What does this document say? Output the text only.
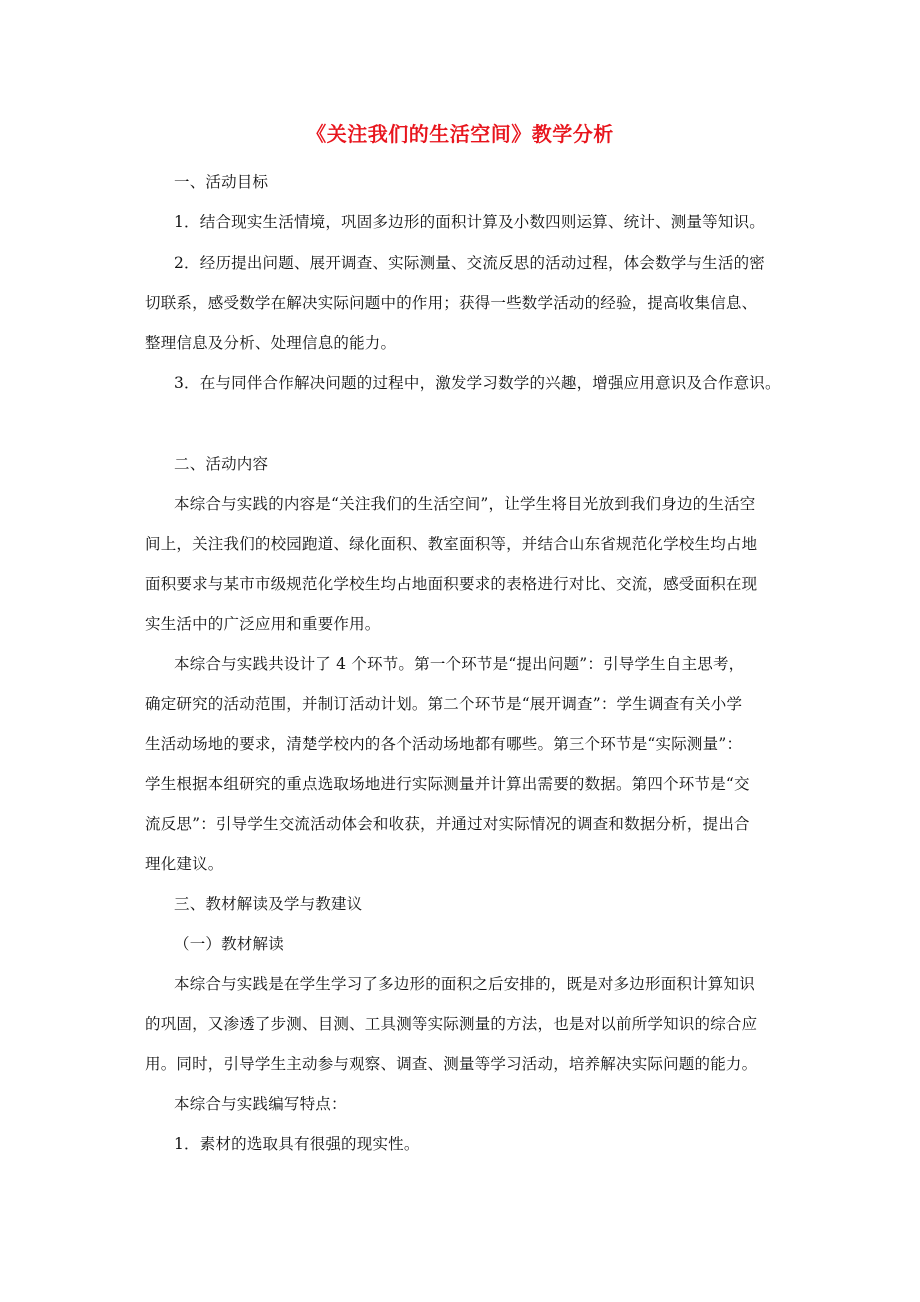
《关注我们的生活空间》教学分析
一、活动目标
1．结合现实生活情境，巩固多边形的面积计算及小数四则运算、统计、测量等知识。
2．经历提出问题、展开调查、实际测量、交流反思的活动过程，体会数学与生活的密
切联系，感受数学在解决实际问题中的作用；获得一些数学活动的经验，提高收集信息、
整理信息及分析、处理信息的能力。
3．在与同伴合作解决问题的过程中，激发学习数学的兴趣，增强应用意识及合作意识。
二、活动内容
本综合与实践的内容是“关注我们的生活空间”，让学生将目光放到我们身边的生活空
间上，关注我们的校园跑道、绿化面积、教室面积等，并结合山东省规范化学校生均占地
面积要求与某市市级规范化学校生均占地面积要求的表格进行对比、交流，感受面积在现
实生活中的广泛应用和重要作用。
本综合与实践共设计了 4 个环节。第一个环节是“提出问题”：引导学生自主思考，
确定研究的活动范围，并制订活动计划。第二个环节是“展开调查”：学生调查有关小学
生活动场地的要求，清楚学校内的各个活动场地都有哪些。第三个环节是“实际测量”：
学生根据本组研究的重点选取场地进行实际测量并计算出需要的数据。第四个环节是“交
流反思”：引导学生交流活动体会和收获，并通过对实际情况的调查和数据分析，提出合
理化建议。
三、教材解读及学与教建议
（一）教材解读
本综合与实践是在学生学习了多边形的面积之后安排的，既是对多边形面积计算知识
的巩固，又渗透了步测、目测、工具测等实际测量的方法，也是对以前所学知识的综合应
用。同时，引导学生主动参与观察、调查、测量等学习活动，培养解决实际问题的能力。
本综合与实践编写特点：
1．素材的选取具有很强的现实性。
